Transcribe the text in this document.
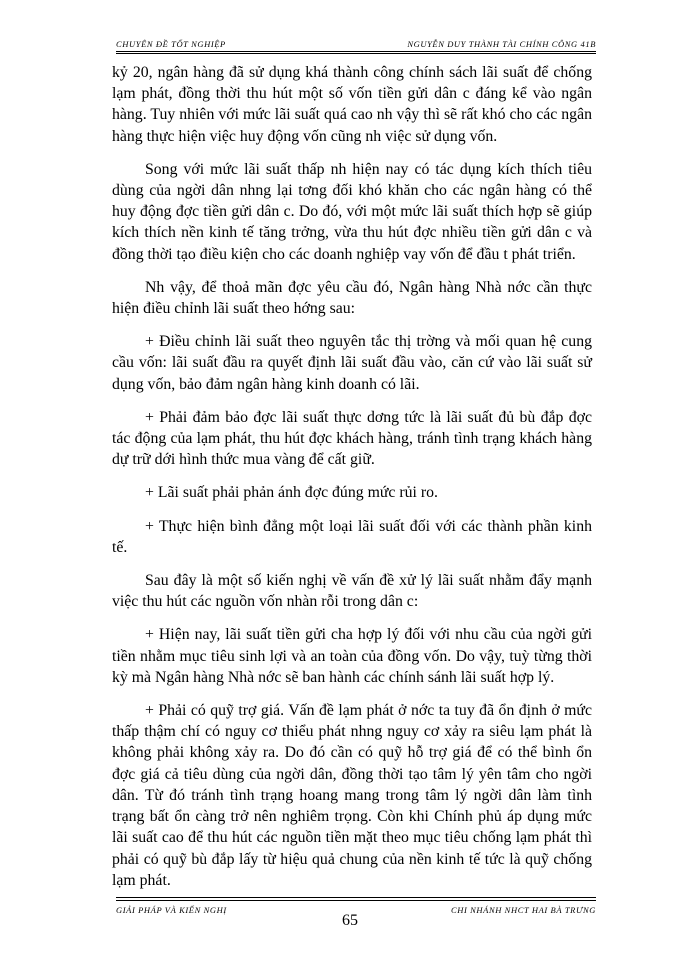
CHUYÊN ĐỀ TỐT NGHIỆP	NGUYỄN DUY THÀNH TÀI CHÍNH CÔNG 41B

kỷ 20, ngân hàng đã sử dụng khá thành công chính sách lãi suất để chống lạm phát, đồng thời thu hút một số vốn tiền gửi dân c đáng kể vào ngân hàng. Tuy nhiên với mức lãi suất quá cao nh vậy thì sẽ rất khó cho các ngân hàng thực hiện việc huy động vốn cũng nh việc sử dụng vốn.

Song với mức lãi suất thấp nh hiện nay có tác dụng kích thích tiêu dùng của ngời dân nhng lại tơng đối khó khăn cho các ngân hàng có thể huy động đợc tiền gửi dân c. Do đó, với một mức lãi suất thích hợp sẽ giúp kích thích nền kinh tế tăng trởng, vừa thu hút đợc nhiều tiền gửi dân c và đồng thời tạo điều kiện cho các doanh nghiệp vay vốn để đầu t phát triển.

Nh vậy, để thoả mãn đợc yêu cầu đó, Ngân hàng Nhà nớc cần thực hiện điều chỉnh lãi suất theo hớng sau:

+ Điều chỉnh lãi suất theo nguyên tắc thị trờng và mối quan hệ cung cầu vốn: lãi suất đầu ra quyết định lãi suất đầu vào, căn cứ vào lãi suất sử dụng vốn, bảo đảm ngân hàng kinh doanh có lãi.

+ Phải đảm bảo đợc lãi suất thực dơng tức là lãi suất đủ bù đắp đợc tác động của lạm phát, thu hút đợc khách hàng, tránh tình trạng khách hàng dự trữ dới hình thức mua vàng để cất giữ.

+ Lãi suất phải phản ánh đợc đúng mức rủi ro.

+ Thực hiện bình đẳng một loại lãi suất đối với các thành phần kinh tế.

Sau đây là một số kiến nghị về vấn đề xử lý lãi suất nhằm đẩy mạnh việc thu hút các nguồn vốn nhàn rỗi trong dân c:

+ Hiện nay, lãi suất tiền gửi cha hợp lý đối với nhu cầu của ngời gửi tiền nhằm mục tiêu sinh lợi và an toàn của đồng vốn. Do vậy, tuỳ từng thời kỳ mà Ngân hàng Nhà nớc sẽ ban hành các chính sánh lãi suất hợp lý.

+ Phải có quỹ trợ giá. Vấn đề lạm phát ở nớc ta tuy đã ổn định ở mức thấp thậm chí có nguy cơ thiểu phát nhng nguy cơ xảy ra siêu lạm phát là không phải không xảy ra. Do đó cần có quỹ hỗ trợ giá để có thể bình ổn đợc giá cả tiêu dùng của ngời dân, đồng thời tạo tâm lý yên tâm cho ngời dân. Từ đó tránh tình trạng hoang mang trong tâm lý ngời dân làm tình trạng bất ổn càng trở nên nghiêm trọng. Còn khi Chính phủ áp dụng mức lãi suất cao để thu hút các nguồn tiền mặt theo mục tiêu chống lạm phát thì phải có quỹ bù đắp lấy từ hiệu quả chung của nền kinh tế tức là quỹ chống lạm phát.

GIẢI PHÁP VÀ KIẾN NGHỊ	CHI NHÁNH NHCT HAI BÀ TRƯNG
65
